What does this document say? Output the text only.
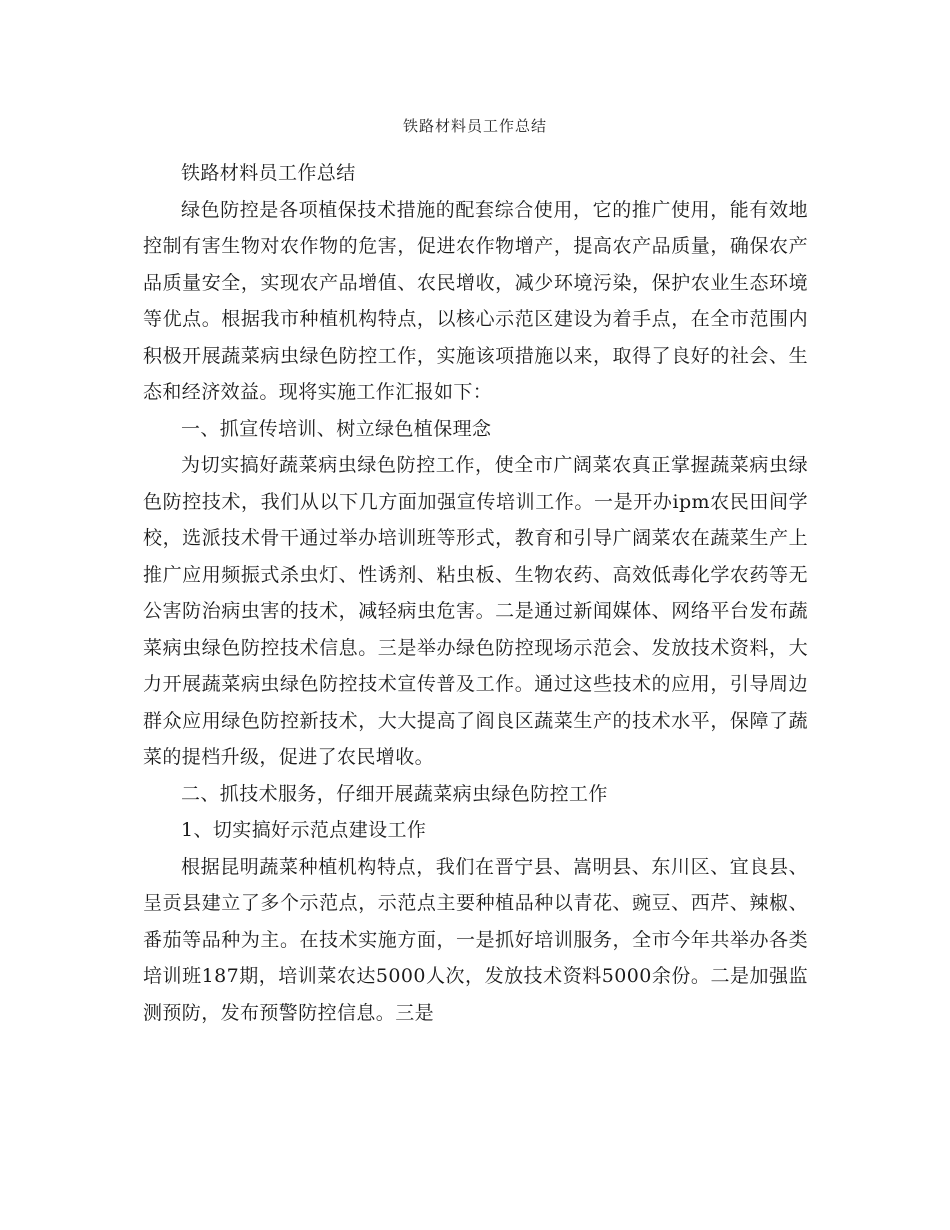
铁路材料员工作总结

铁路材料员工作总结

绿色防控是各项植保技术措施的配套综合使用，它的推广使用，能有效地控制有害生物对农作物的危害，促进农作物增产，提高农产品质量，确保农产品质量安全，实现农产品增值、农民增收，减少环境污染，保护农业生态环境等优点。根据我市种植机构特点，以核心示范区建设为着手点，在全市范围内积极开展蔬菜病虫绿色防控工作，实施该项措施以来，取得了良好的社会、生态和经济效益。现将实施工作汇报如下：

一、抓宣传培训、树立绿色植保理念

为切实搞好蔬菜病虫绿色防控工作，使全市广阔菜农真正掌握蔬菜病虫绿色防控技术，我们从以下几方面加强宣传培训工作。一是开办ipm农民田间学校，选派技术骨干通过举办培训班等形式，教育和引导广阔菜农在蔬菜生产上推广应用频振式杀虫灯、性诱剂、粘虫板、生物农药、高效低毒化学农药等无公害防治病虫害的技术，减轻病虫危害。二是通过新闻媒体、网络平台发布蔬菜病虫绿色防控技术信息。三是举办绿色防控现场示范会、发放技术资料，大力开展蔬菜病虫绿色防控技术宣传普及工作。通过这些技术的应用，引导周边群众应用绿色防控新技术，大大提高了阎良区蔬菜生产的技术水平，保障了蔬菜的提档升级，促进了农民增收。

二、抓技术服务，仔细开展蔬菜病虫绿色防控工作

1、切实搞好示范点建设工作

根据昆明蔬菜种植机构特点，我们在晋宁县、嵩明县、东川区、宜良县、呈贡县建立了多个示范点，示范点主要种植品种以青花、豌豆、西芹、辣椒、番茄等品种为主。在技术实施方面，一是抓好培训服务，全市今年共举办各类培训班187期，培训菜农达5000人次，发放技术资料5000余份。二是加强监测预防，发布预警防控信息。三是
